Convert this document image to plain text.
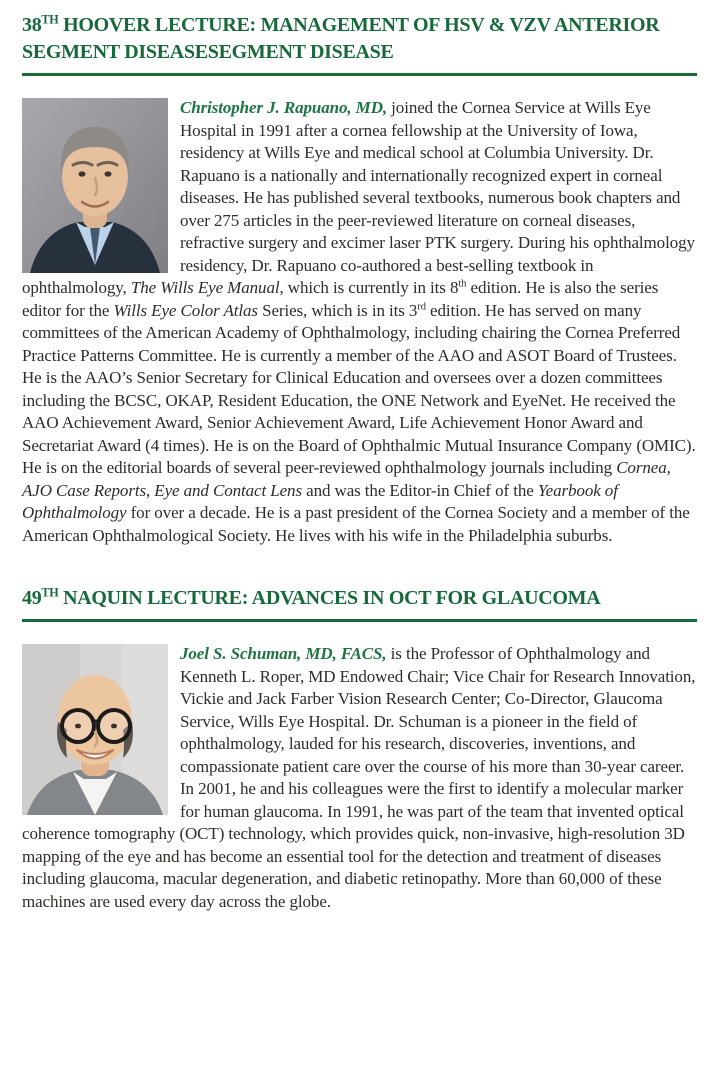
38TH HOOVER LECTURE: MANAGEMENT OF HSV & VZV ANTERIOR SEGMENT DISEASESEGMENT DISEASE

Christopher J. Rapuano, MD, joined the Cornea Service at Wills Eye Hospital in 1991 after a cornea fellowship at the University of Iowa, residency at Wills Eye and medical school at Columbia University. Dr. Rapuano is a nationally and internationally recognized expert in corneal diseases. He has published several textbooks, numerous book chapters and over 275 articles in the peer-reviewed literature on corneal diseases, refractive surgery and excimer laser PTK surgery. During his ophthalmology residency, Dr. Rapuano co-authored a best-selling textbook in ophthalmology, The Wills Eye Manual, which is currently in its 8th edition. He is also the series editor for the Wills Eye Color Atlas Series, which is in its 3rd edition. He has served on many committees of the American Academy of Ophthalmology, including chairing the Cornea Preferred Practice Patterns Committee. He is currently a member of the AAO and ASOT Board of Trustees. He is the AAO’s Senior Secretary for Clinical Education and oversees over a dozen committees including the BCSC, OKAP, Resident Education, the ONE Network and EyeNet. He received the AAO Achievement Award, Senior Achievement Award, Life Achievement Honor Award and Secretariat Award (4 times). He is on the Board of Ophthalmic Mutual Insurance Company (OMIC). He is on the editorial boards of several peer-reviewed ophthalmology journals including Cornea, AJO Case Reports, Eye and Contact Lens and was the Editor-in Chief of the Yearbook of Ophthalmology for over a decade. He is a past president of the Cornea Society and a member of the American Ophthalmological Society. He lives with his wife in the Philadelphia suburbs.

49TH NAQUIN LECTURE: ADVANCES IN OCT FOR GLAUCOMA

Joel S. Schuman, MD, FACS, is the Professor of Ophthalmology and Kenneth L. Roper, MD Endowed Chair; Vice Chair for Research Innovation, Vickie and Jack Farber Vision Research Center; Co-Director, Glaucoma Service, Wills Eye Hospital. Dr. Schuman is a pioneer in the field of ophthalmology, lauded for his research, discoveries, inventions, and compassionate patient care over the course of his more than 30-year career. In 2001, he and his colleagues were the first to identify a molecular marker for human glaucoma. In 1991, he was part of the team that invented optical coherence tomography (OCT) technology, which provides quick, non-invasive, high-resolution 3D mapping of the eye and has become an essential tool for the detection and treatment of diseases including glaucoma, macular degeneration, and diabetic retinopathy. More than 60,000 of these machines are used every day across the globe.
